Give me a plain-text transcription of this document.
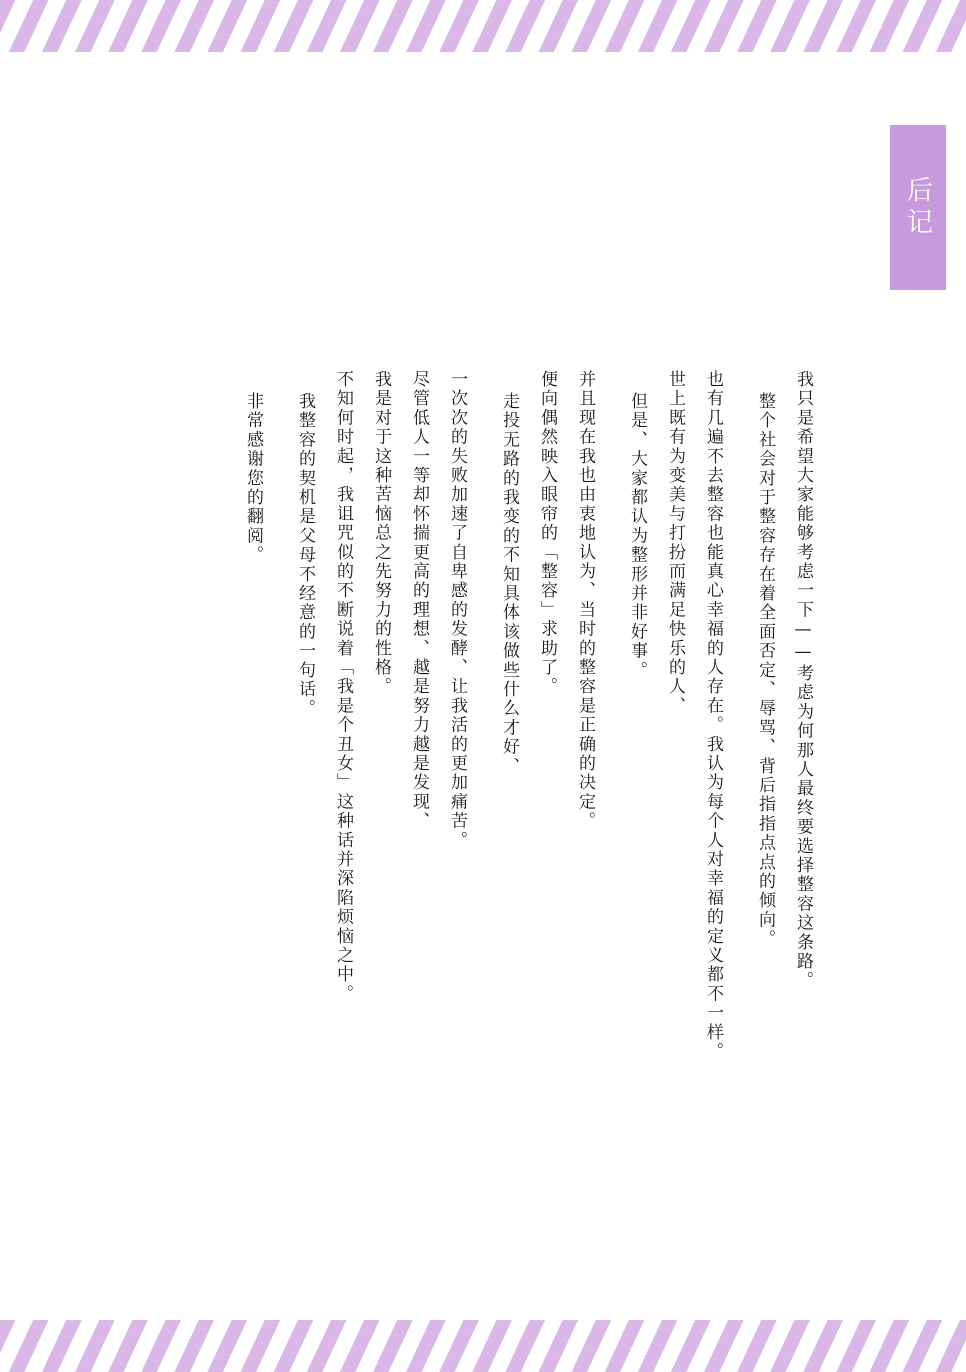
后记
非常感谢您的翻阅。	我整容的契机是父母不经意的一句话。	不知何时起，我诅咒似的不断说着「我是个丑女」这种话并深陷烦恼之中。	我是对于这种苦恼总之先努力的性格。	尽管低人一等却怀揣更高的理想、越是努力越是发现、	一次次的失败加速了自卑感的发酵、让我活的更加痛苦。	走投无路的我变的不知具体该做些什么才好、	便向偶然映入眼帘的「整容」求助了。	并且现在我也由衷地认为、当时的整容是正确的决定。	但是、大家都认为整形并非好事。	世上既有为变美与打扮而满足快乐的人、	也有几遍不去整容也能真心幸福的人存在。我认为每个人对幸福的定义都不一样。	整个社会对于整容存在着全面否定、辱骂、背后指指点点的倾向。	我只是希望大家能够考虑一下——考虑为何那人最终要选择整容这条路。
